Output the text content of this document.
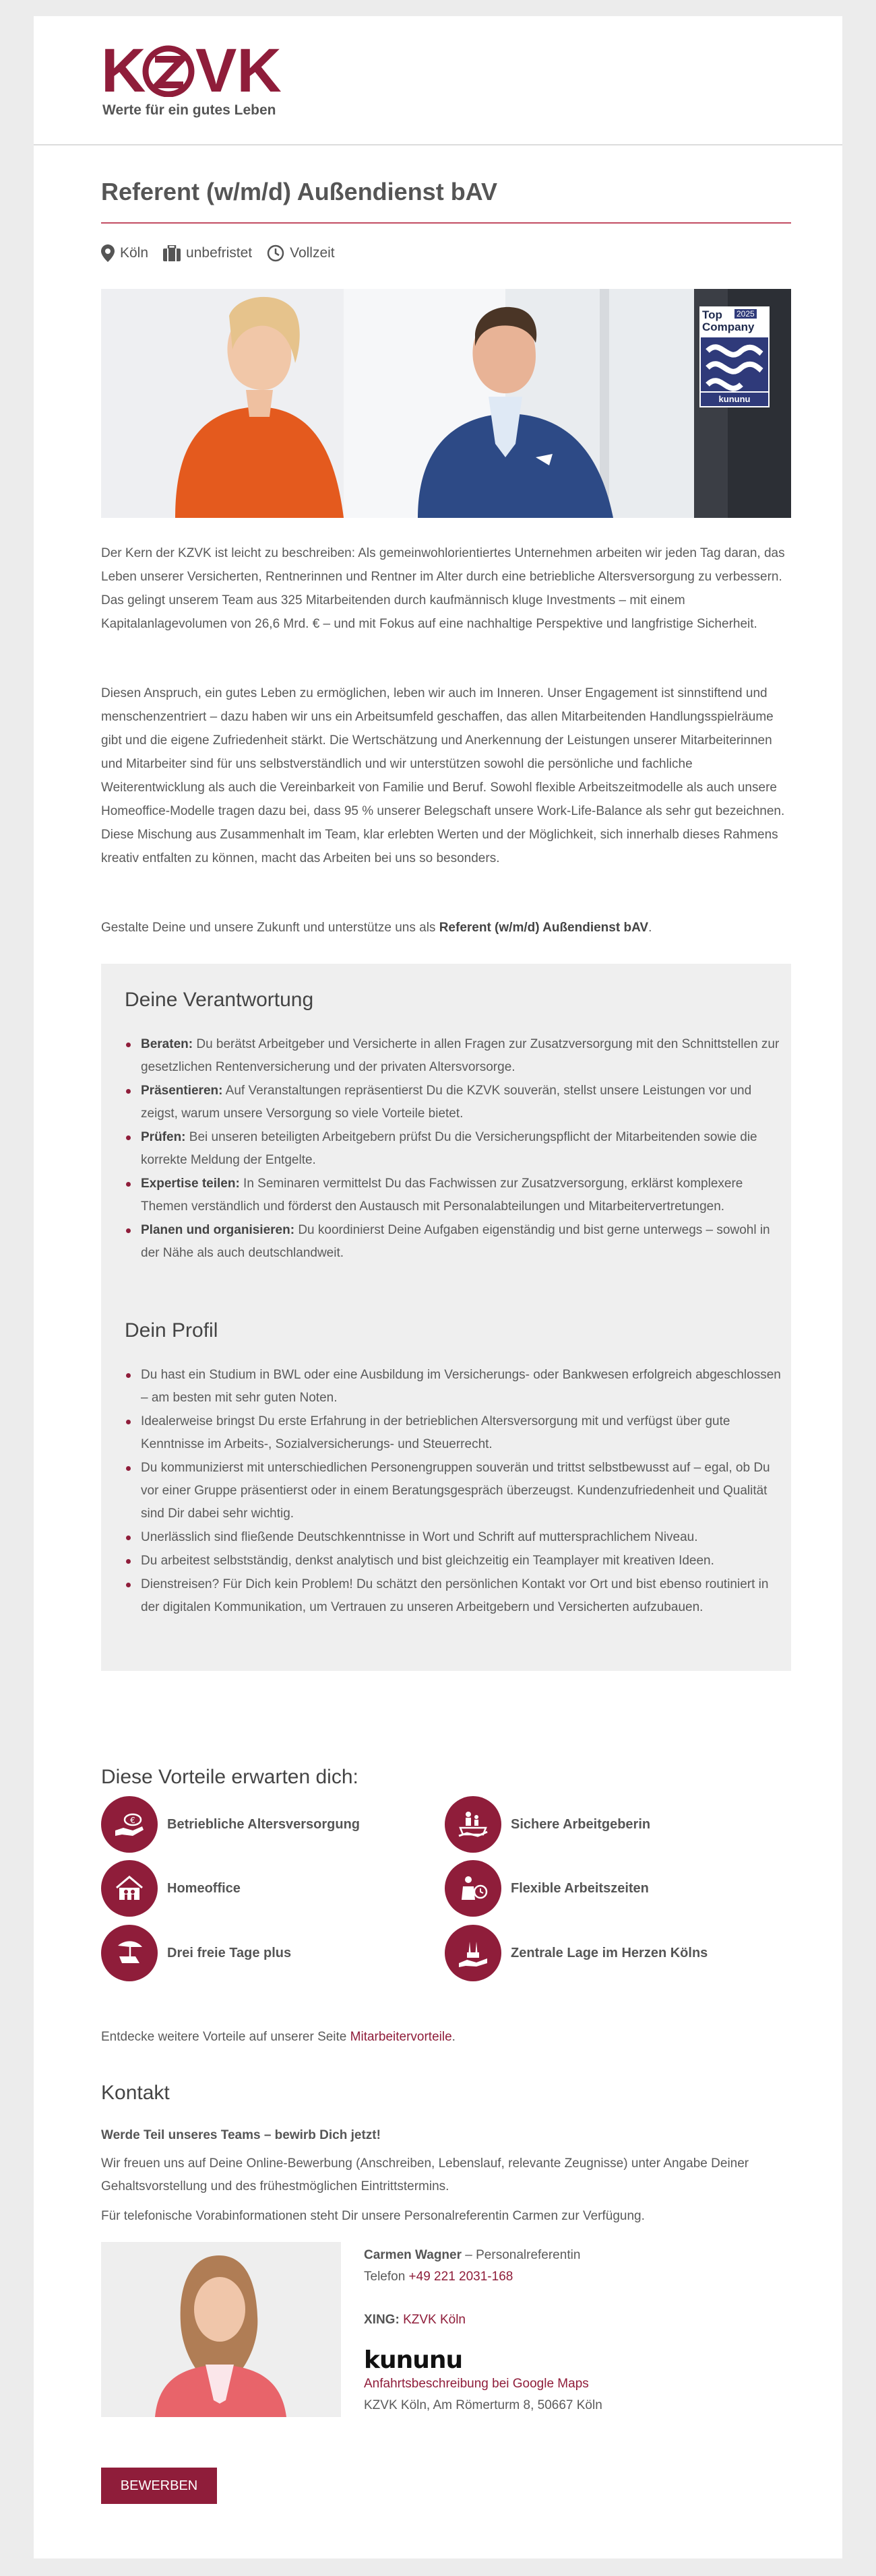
K VK
Werte für ein gutes Leben
Referent (w/m/d) Außendienst bAV
Köln	unbefristet	Vollzeit
Top Company
2025
kununu

Der Kern der KZVK ist leicht zu beschreiben: Als gemeinwohlorientiertes Unternehmen arbeiten wir jeden Tag daran, das Leben unserer Versicherten, Rentnerinnen und Rentner im Alter durch eine betriebliche Altersversorgung zu verbessern. Das gelingt unserem Team aus 325 Mitarbeitenden durch kaufmännisch kluge Investments – mit einem Kapitalanlagevolumen von 26,6 Mrd. € – und mit Fokus auf eine nachhaltige Perspektive und langfristige Sicherheit.

Diesen Anspruch, ein gutes Leben zu ermöglichen, leben wir auch im Inneren. Unser Engagement ist sinnstiftend und menschenzentriert – dazu haben wir uns ein Arbeitsumfeld geschaffen, das allen Mitarbeitenden Handlungsspielräume gibt und die eigene Zufriedenheit stärkt. Die Wertschätzung und Anerkennung der Leistungen unserer Mitarbeiterinnen und Mitarbeiter sind für uns selbstverständlich und wir unterstützen sowohl die persönliche und fachliche Weiterentwicklung als auch die Vereinbarkeit von Familie und Beruf. Sowohl flexible Arbeitszeitmodelle als auch unsere Homeoffice-Modelle tragen dazu bei, dass 95 % unserer Belegschaft unsere Work-Life-Balance als sehr gut bezeichnen. Diese Mischung aus Zusammenhalt im Team, klar erlebten Werten und der Möglichkeit, sich innerhalb dieses Rahmens kreativ entfalten zu können, macht das Arbeiten bei uns so besonders.

Gestalte Deine und unsere Zukunft und unterstütze uns als Referent (w/m/d) Außendienst bAV.

Deine Verantwortung
Beraten: Du berätst Arbeitgeber und Versicherte in allen Fragen zur Zusatzversorgung mit den Schnittstellen zur gesetzlichen Rentenversicherung und der privaten Altersvorsorge.
Präsentieren: Auf Veranstaltungen repräsentierst Du die KZVK souverän, stellst unsere Leistungen vor und zeigst, warum unsere Versorgung so viele Vorteile bietet.
Prüfen: Bei unseren beteiligten Arbeitgebern prüfst Du die Versicherungspflicht der Mitarbeitenden sowie die korrekte Meldung der Entgelte.
Expertise teilen: In Seminaren vermittelst Du das Fachwissen zur Zusatzversorgung, erklärst komplexere Themen verständlich und förderst den Austausch mit Personalabteilungen und Mitarbeitervertretungen.
Planen und organisieren: Du koordinierst Deine Aufgaben eigenständig und bist gerne unterwegs – sowohl in der Nähe als auch deutschlandweit.
Dein Profil
Du hast ein Studium in BWL oder eine Ausbildung im Versicherungs- oder Bankwesen erfolgreich abgeschlossen – am besten mit sehr guten Noten.
Idealerweise bringst Du erste Erfahrung in der betrieblichen Altersversorgung mit und verfügst über gute Kenntnisse im Arbeits-, Sozialversicherungs- und Steuerrecht.
Du kommunizierst mit unterschiedlichen Personengruppen souverän und trittst selbstbewusst auf – egal, ob Du vor einer Gruppe präsentierst oder in einem Beratungsgespräch überzeugst. Kundenzufriedenheit und Qualität sind Dir dabei sehr wichtig.
Unerlässlich sind fließende Deutschkenntnisse in Wort und Schrift auf muttersprachlichem Niveau.
Du arbeitest selbstständig, denkst analytisch und bist gleichzeitig ein Teamplayer mit kreativen Ideen.
Dienstreisen? Für Dich kein Problem! Du schätzt den persönlichen Kontakt vor Ort und bist ebenso routiniert in der digitalen Kommunikation, um Vertrauen zu unseren Arbeitgebern und Versicherten aufzubauen.
Diese Vorteile erwarten dich:
€ Betriebliche Altersversorgung	Sichere Arbeitgeberin
Homeoffice	Flexible Arbeitszeiten
Drei freie Tage plus	Zentrale Lage im Herzen Kölns
Entdecke weitere Vorteile auf unserer Seite Mitarbeitervorteile.
Kontakt
Werde Teil unseres Teams – bewirb Dich jetzt!

Wir freuen uns auf Deine Online-Bewerbung (Anschreiben, Lebenslauf, relevante Zeugnisse) unter Angabe Deiner Gehaltsvorstellung und des frühestmöglichen Eintrittstermins.

Für telefonische Vorabinformationen steht Dir unsere Personalreferentin Carmen zur Verfügung.

Carmen Wagner – Personalreferentin
Telefon +49 221 2031-168
XING: KZVK Köln
kununu
Anfahrtsbeschreibung bei Google Maps
KZVK Köln, Am Römerturm 8, 50667 Köln
BEWERBEN
